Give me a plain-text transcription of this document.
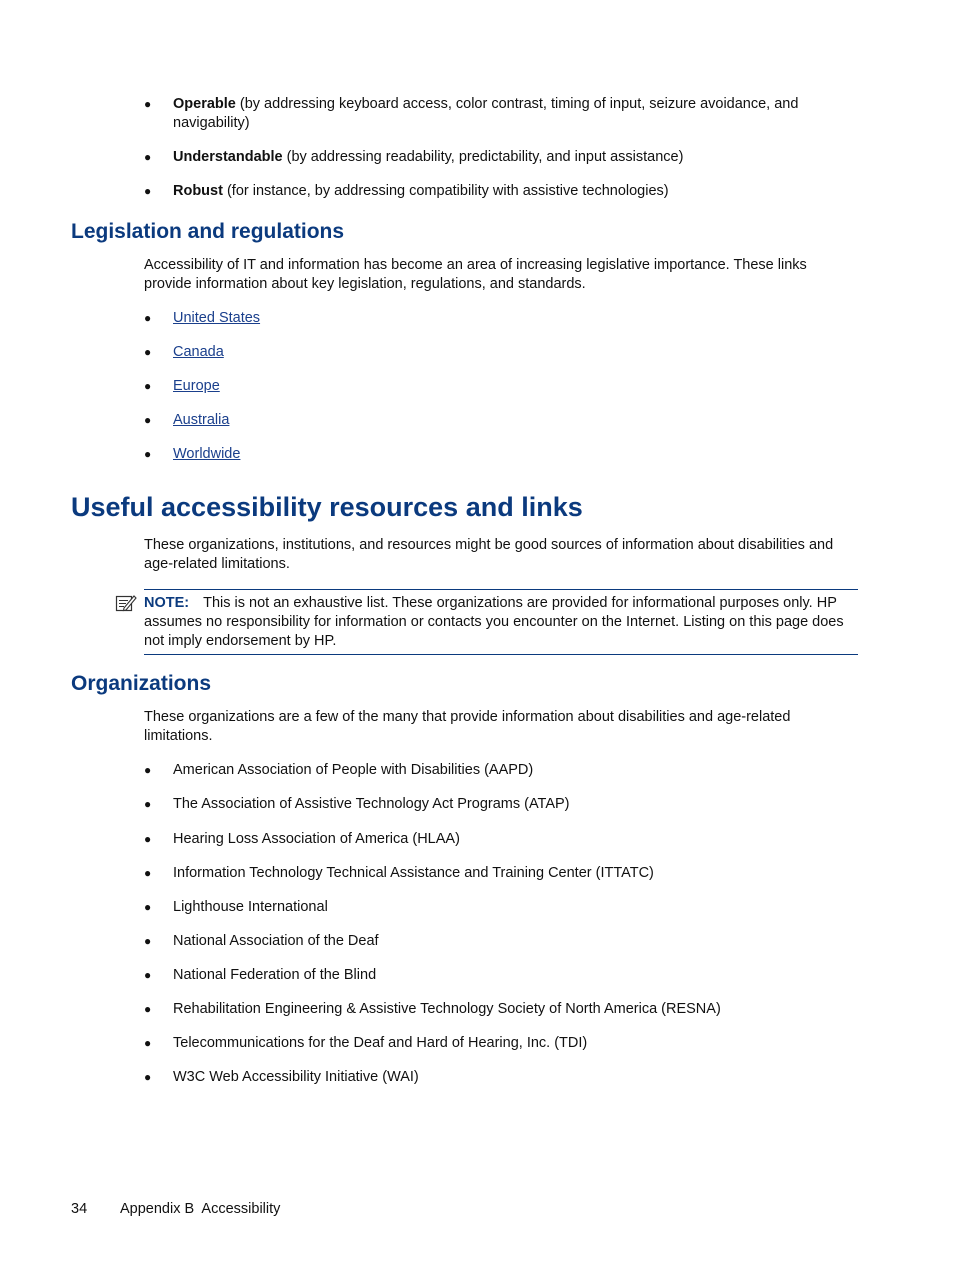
● Operable (by addressing keyboard access, color contrast, timing of input, seizure avoidance, and navigability)
● Understandable (by addressing readability, predictability, and input assistance)
● Robust (for instance, by addressing compatibility with assistive technologies)
Legislation and regulations

Accessibility of IT and information has become an area of increasing legislative importance. These links provide information about key legislation, regulations, and standards.

● United States
● Canada
● Europe
● Australia
● Worldwide
Useful accessibility resources and links

These organizations, institutions, and resources might be good sources of information about disabilities and age-related limitations.

NOTE: This is not an exhaustive list. These organizations are provided for informational purposes only. HP assumes no responsibility for information or contacts you encounter on the Internet. Listing on this page does not imply endorsement by HP.

Organizations

These organizations are a few of the many that provide information about disabilities and age-related limitations.

● American Association of People with Disabilities (AAPD)
● The Association of Assistive Technology Act Programs (ATAP)
● Hearing Loss Association of America (HLAA)
● Information Technology Technical Assistance and Training Center (ITTATC)
● Lighthouse International
● National Association of the Deaf
● National Federation of the Blind
● Rehabilitation Engineering & Assistive Technology Society of North America (RESNA)
● Telecommunications for the Deaf and Hard of Hearing, Inc. (TDI)
● W3C Web Accessibility Initiative (WAI)
34 Appendix B  Accessibility
